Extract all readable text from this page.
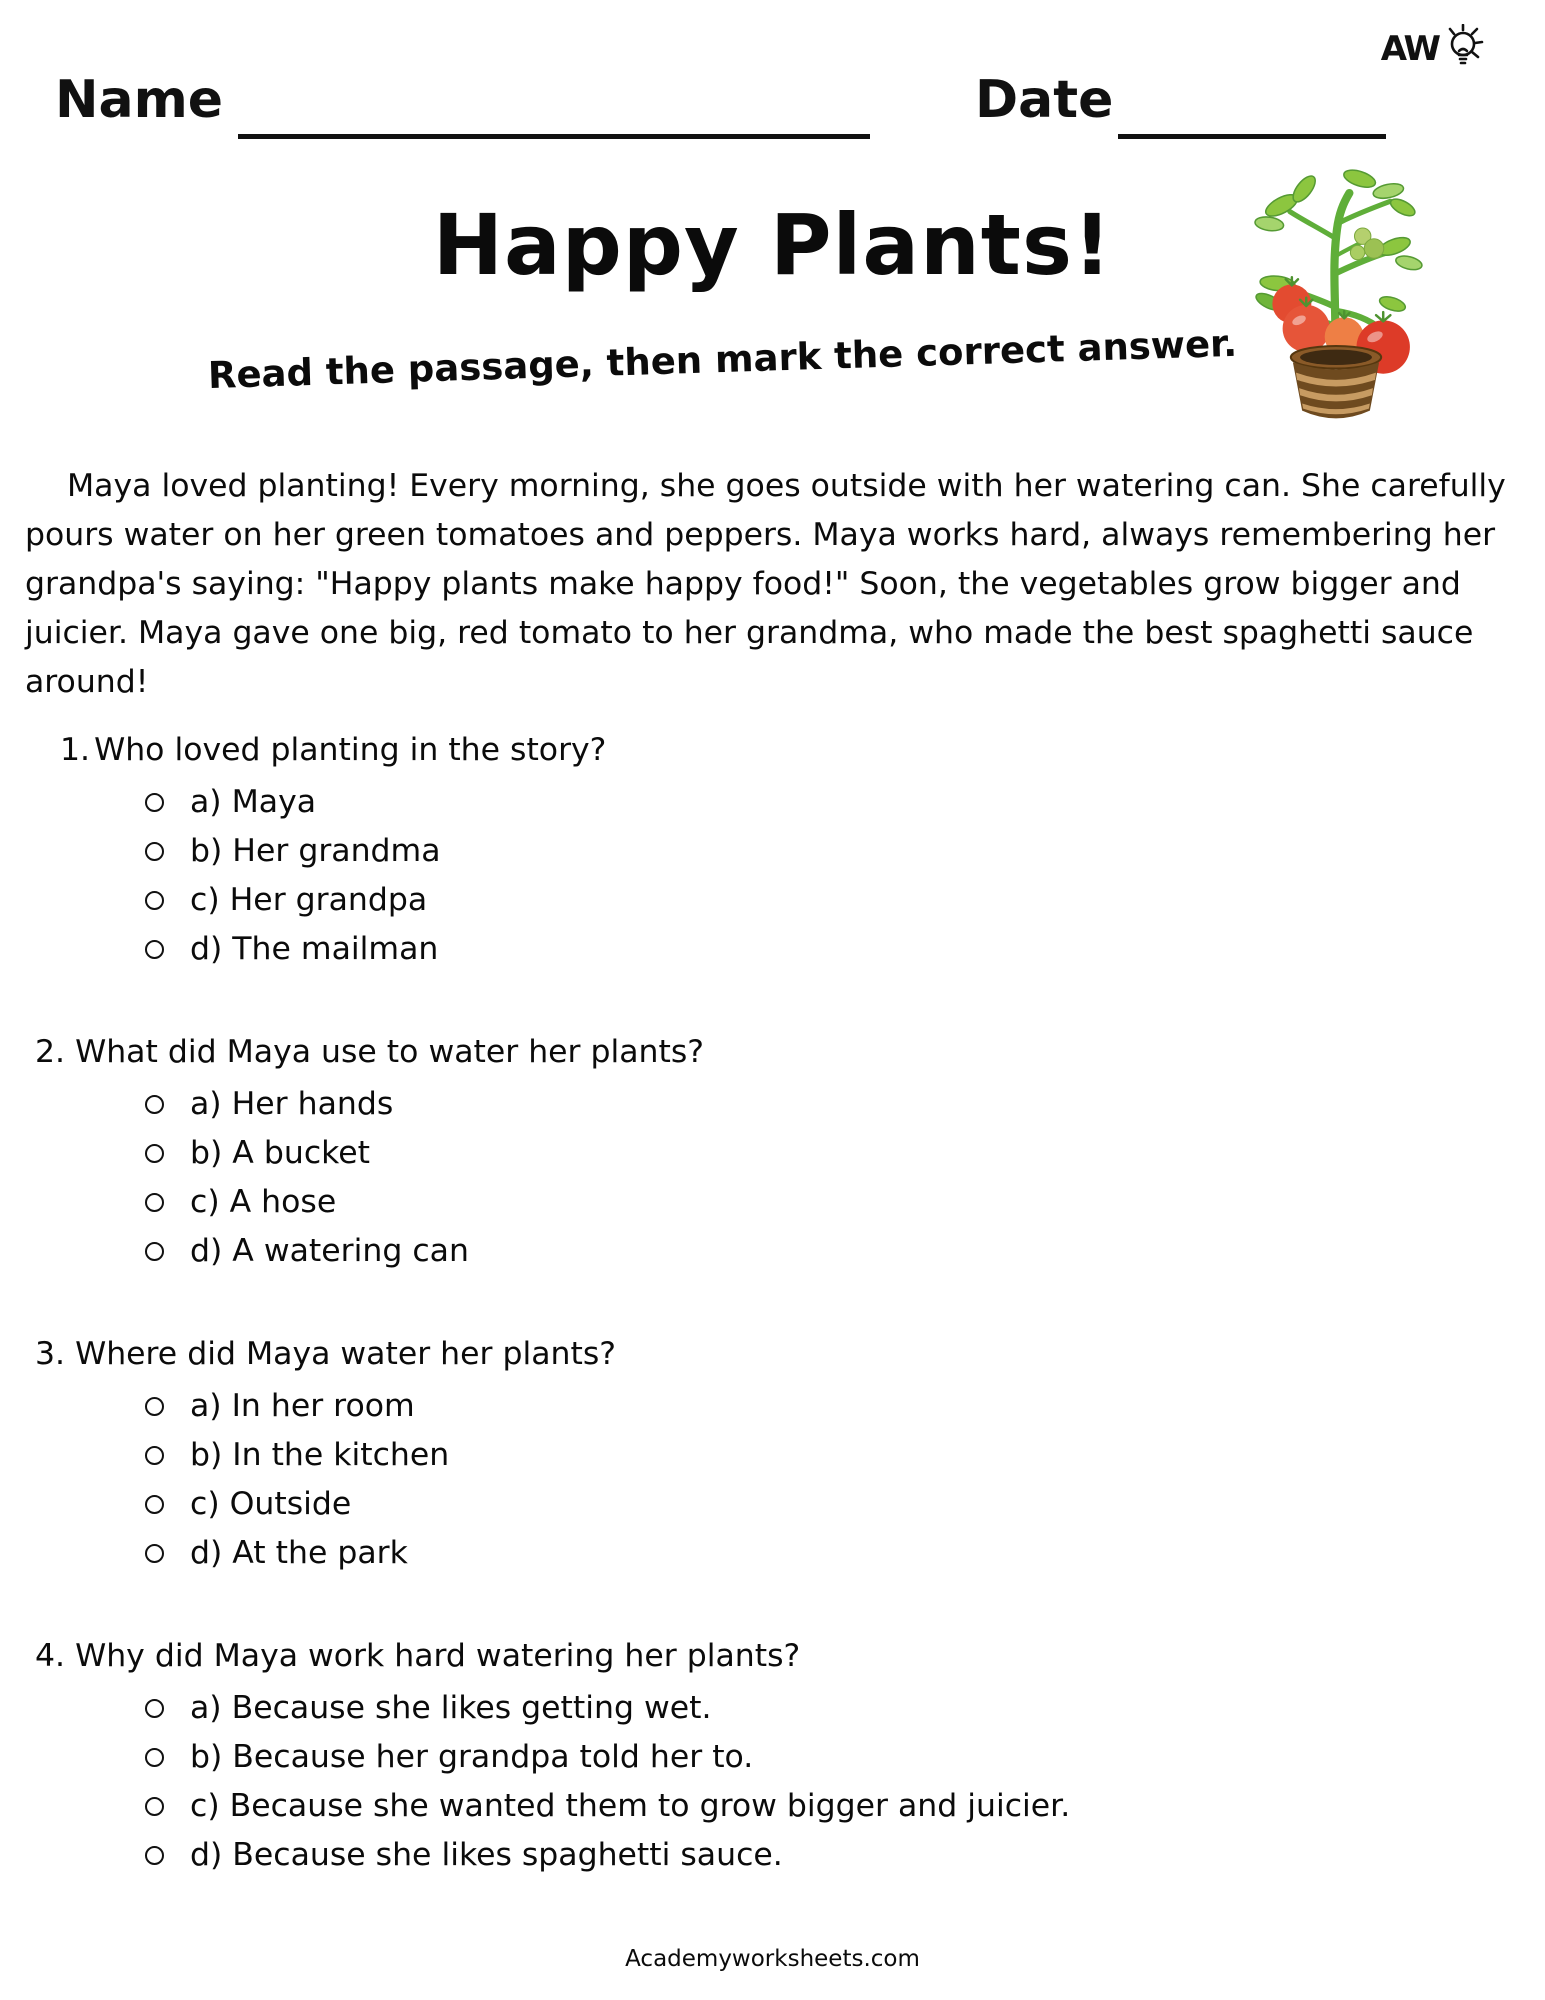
AW
Name	Date
Happy Plants!
Read the passage, then mark the correct answer.

Maya loved planting! Every morning, she goes outside with her watering can. She carefully pours water on her green tomatoes and peppers. Maya works hard, always remembering her grandpa's saying: "Happy plants make happy food!" Soon, the vegetables grow bigger and juicier. Maya gave one big, red tomato to her grandma, who made the best spaghetti sauce around!

1. Who loved planting in the story?
a) Maya
b) Her grandma
c) Her grandpa
d) The mailman
2. What did Maya use to water her plants?
a) Her hands
b) A bucket
c) A hose
d) A watering can
3. Where did Maya water her plants?
a) In her room
b) In the kitchen
c) Outside
d) At the park
4. Why did Maya work hard watering her plants?
a) Because she likes getting wet.
b) Because her grandpa told her to.
c) Because she wanted them to grow bigger and juicier.
d) Because she likes spaghetti sauce.
Academyworksheets.com
